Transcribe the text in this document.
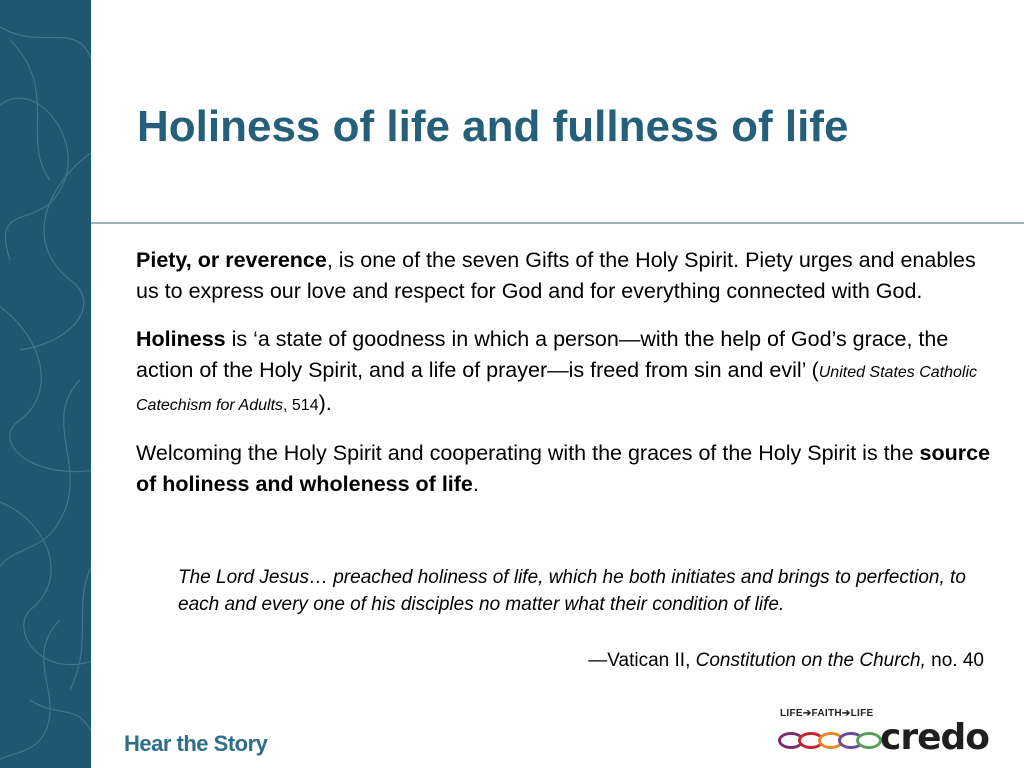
Holiness of life and fullness of life

Piety, or reverence, is one of the seven Gifts of the Holy Spirit. Piety urges and enables us to express our love and respect for God and for everything connected with God.

Holiness is ‘a state of goodness in which a person—with the help of God’s grace, the action of the Holy Spirit, and a life of prayer—is freed from sin and evil’ (United States Catholic Catechism for Adults, 514).

Welcoming the Holy Spirit and cooperating with the graces of the Holy Spirit is the source of holiness and wholeness of life.

The Lord Jesus… preached holiness of life, which he both initiates and brings to perfection, to each and every one of his disciples no matter what their condition of life.
—Vatican II, Constitution on the Church, no. 40
Hear the Story
LIFE➔FAITH➔LIFE
credo
